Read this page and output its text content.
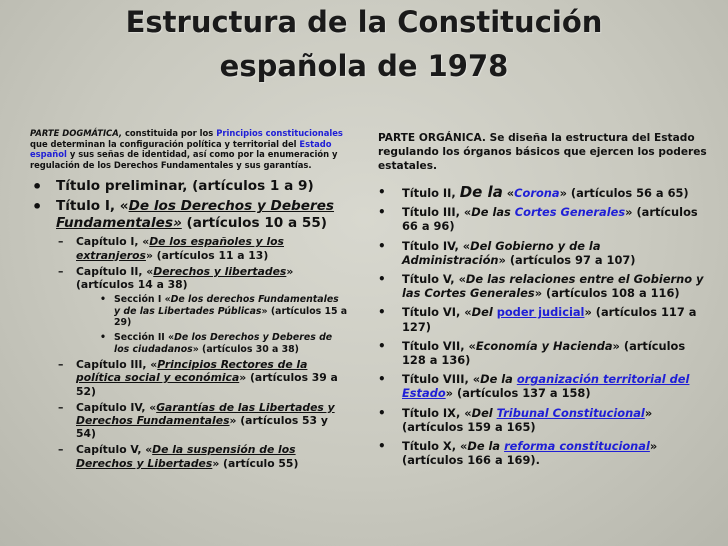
Estructura de la Constitución
española de 1978

PARTE DOGMÁTICA, constituida por los Principios constitucionales que determinan la configuración política y territorial del Estado español y sus señas de identidad, así como por la enumeración y regulación de los Derechos Fundamentales y sus garantías.

• Título preliminar, (artículos 1 a 9)
• Título I, «De los Derechos y Deberes Fundamentales» (artículos 10 a 55)
– Capítulo I, «De los españoles y los extranjeros» (artículos 11 a 13)
– Capítulo II, «Derechos y libertades» (artículos 14 a 38)
• Sección I «De los derechos Fundamentales y de las Libertades Públicas» (artículos 15 a 29)
• Sección II «De los Derechos y Deberes de los ciudadanos» (artículos 30 a 38)
– Capítulo III, «Principios Rectores de la política social y económica» (artículos 39 a 52)
– Capítulo IV, «Garantías de las Libertades y Derechos Fundamentales» (artículos 53 y 54)
– Capítulo V, «De la suspensión de los Derechos y Libertades» (artículo 55)

PARTE ORGÁNICA. Se diseña la estructura del Estado regulando los órganos básicos que ejercen los poderes estatales.

• Título II, De la «Corona» (artículos 56 a 65)
• Título III, «De las Cortes Generales» (artículos 66 a 96)
• Título IV, «Del Gobierno y de la Administración» (artículos 97 a 107)
• Título V, «De las relaciones entre el Gobierno y las Cortes Generales» (artículos 108 a 116)
• Título VI, «Del poder judicial» (artículos 117 a 127)
• Título VII, «Economía y Hacienda» (artículos 128 a 136)
• Título VIII, «De la organización territorial del Estado» (artículos 137 a 158)
• Título IX, «Del Tribunal Constitucional» (artículos 159 a 165)
• Título X, «De la reforma constitucional» (artículos 166 a 169).
